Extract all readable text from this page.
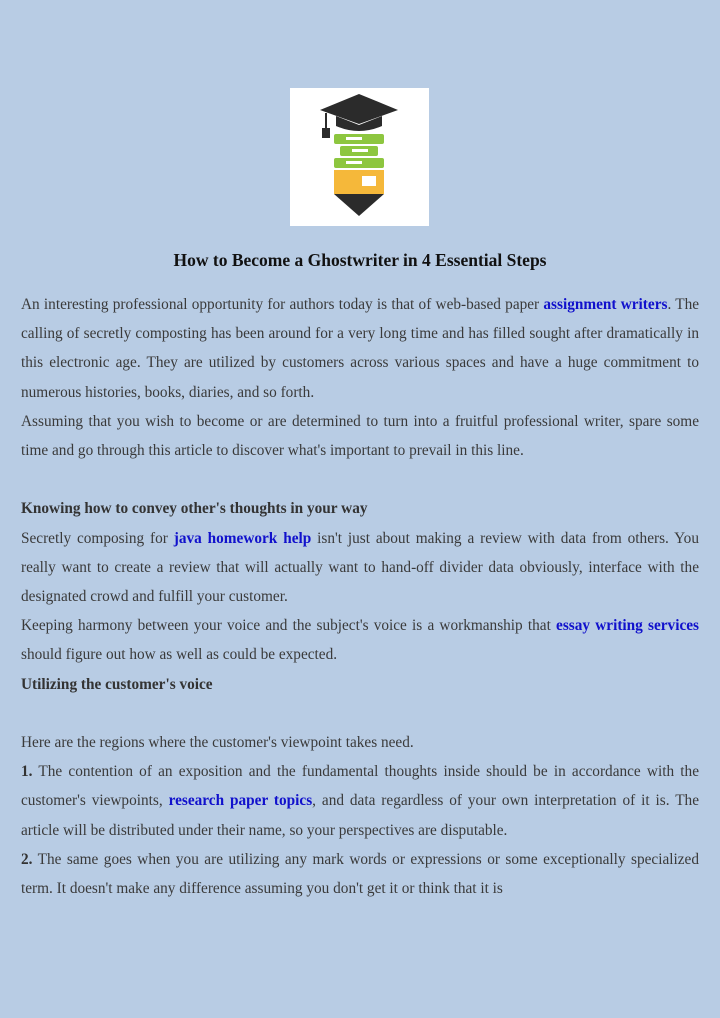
How to Become a Ghostwriter in 4 Essential Steps

An interesting professional opportunity for authors today is that of web-based paper assignment writers. The calling of secretly composting has been around for a very long time and has filled sought after dramatically in this electronic age. They are utilized by customers across various spaces and have a huge commitment to numerous histories, books, diaries, and so forth.

Assuming that you wish to become or are determined to turn into a fruitful professional writer, spare some time and go through this article to discover what's important to prevail in this line.

Knowing how to convey other's thoughts in your way

Secretly composing for java homework help isn't just about making a review with data from others. You really want to create a review that will actually want to hand-off divider data obviously, interface with the designated crowd and fulfill your customer.

Keeping harmony between your voice and the subject's voice is a workmanship that essay writing services should figure out how as well as could be expected.

Utilizing the customer's voice

Here are the regions where the customer's viewpoint takes need.

1. The contention of an exposition and the fundamental thoughts inside should be in accordance with the customer's viewpoints, research paper topics, and data regardless of your own interpretation of it is. The article will be distributed under their name, so your perspectives are disputable.

2. The same goes when you are utilizing any mark words or expressions or some exceptionally specialized term. It doesn't make any difference assuming you don't get it or think that it is
